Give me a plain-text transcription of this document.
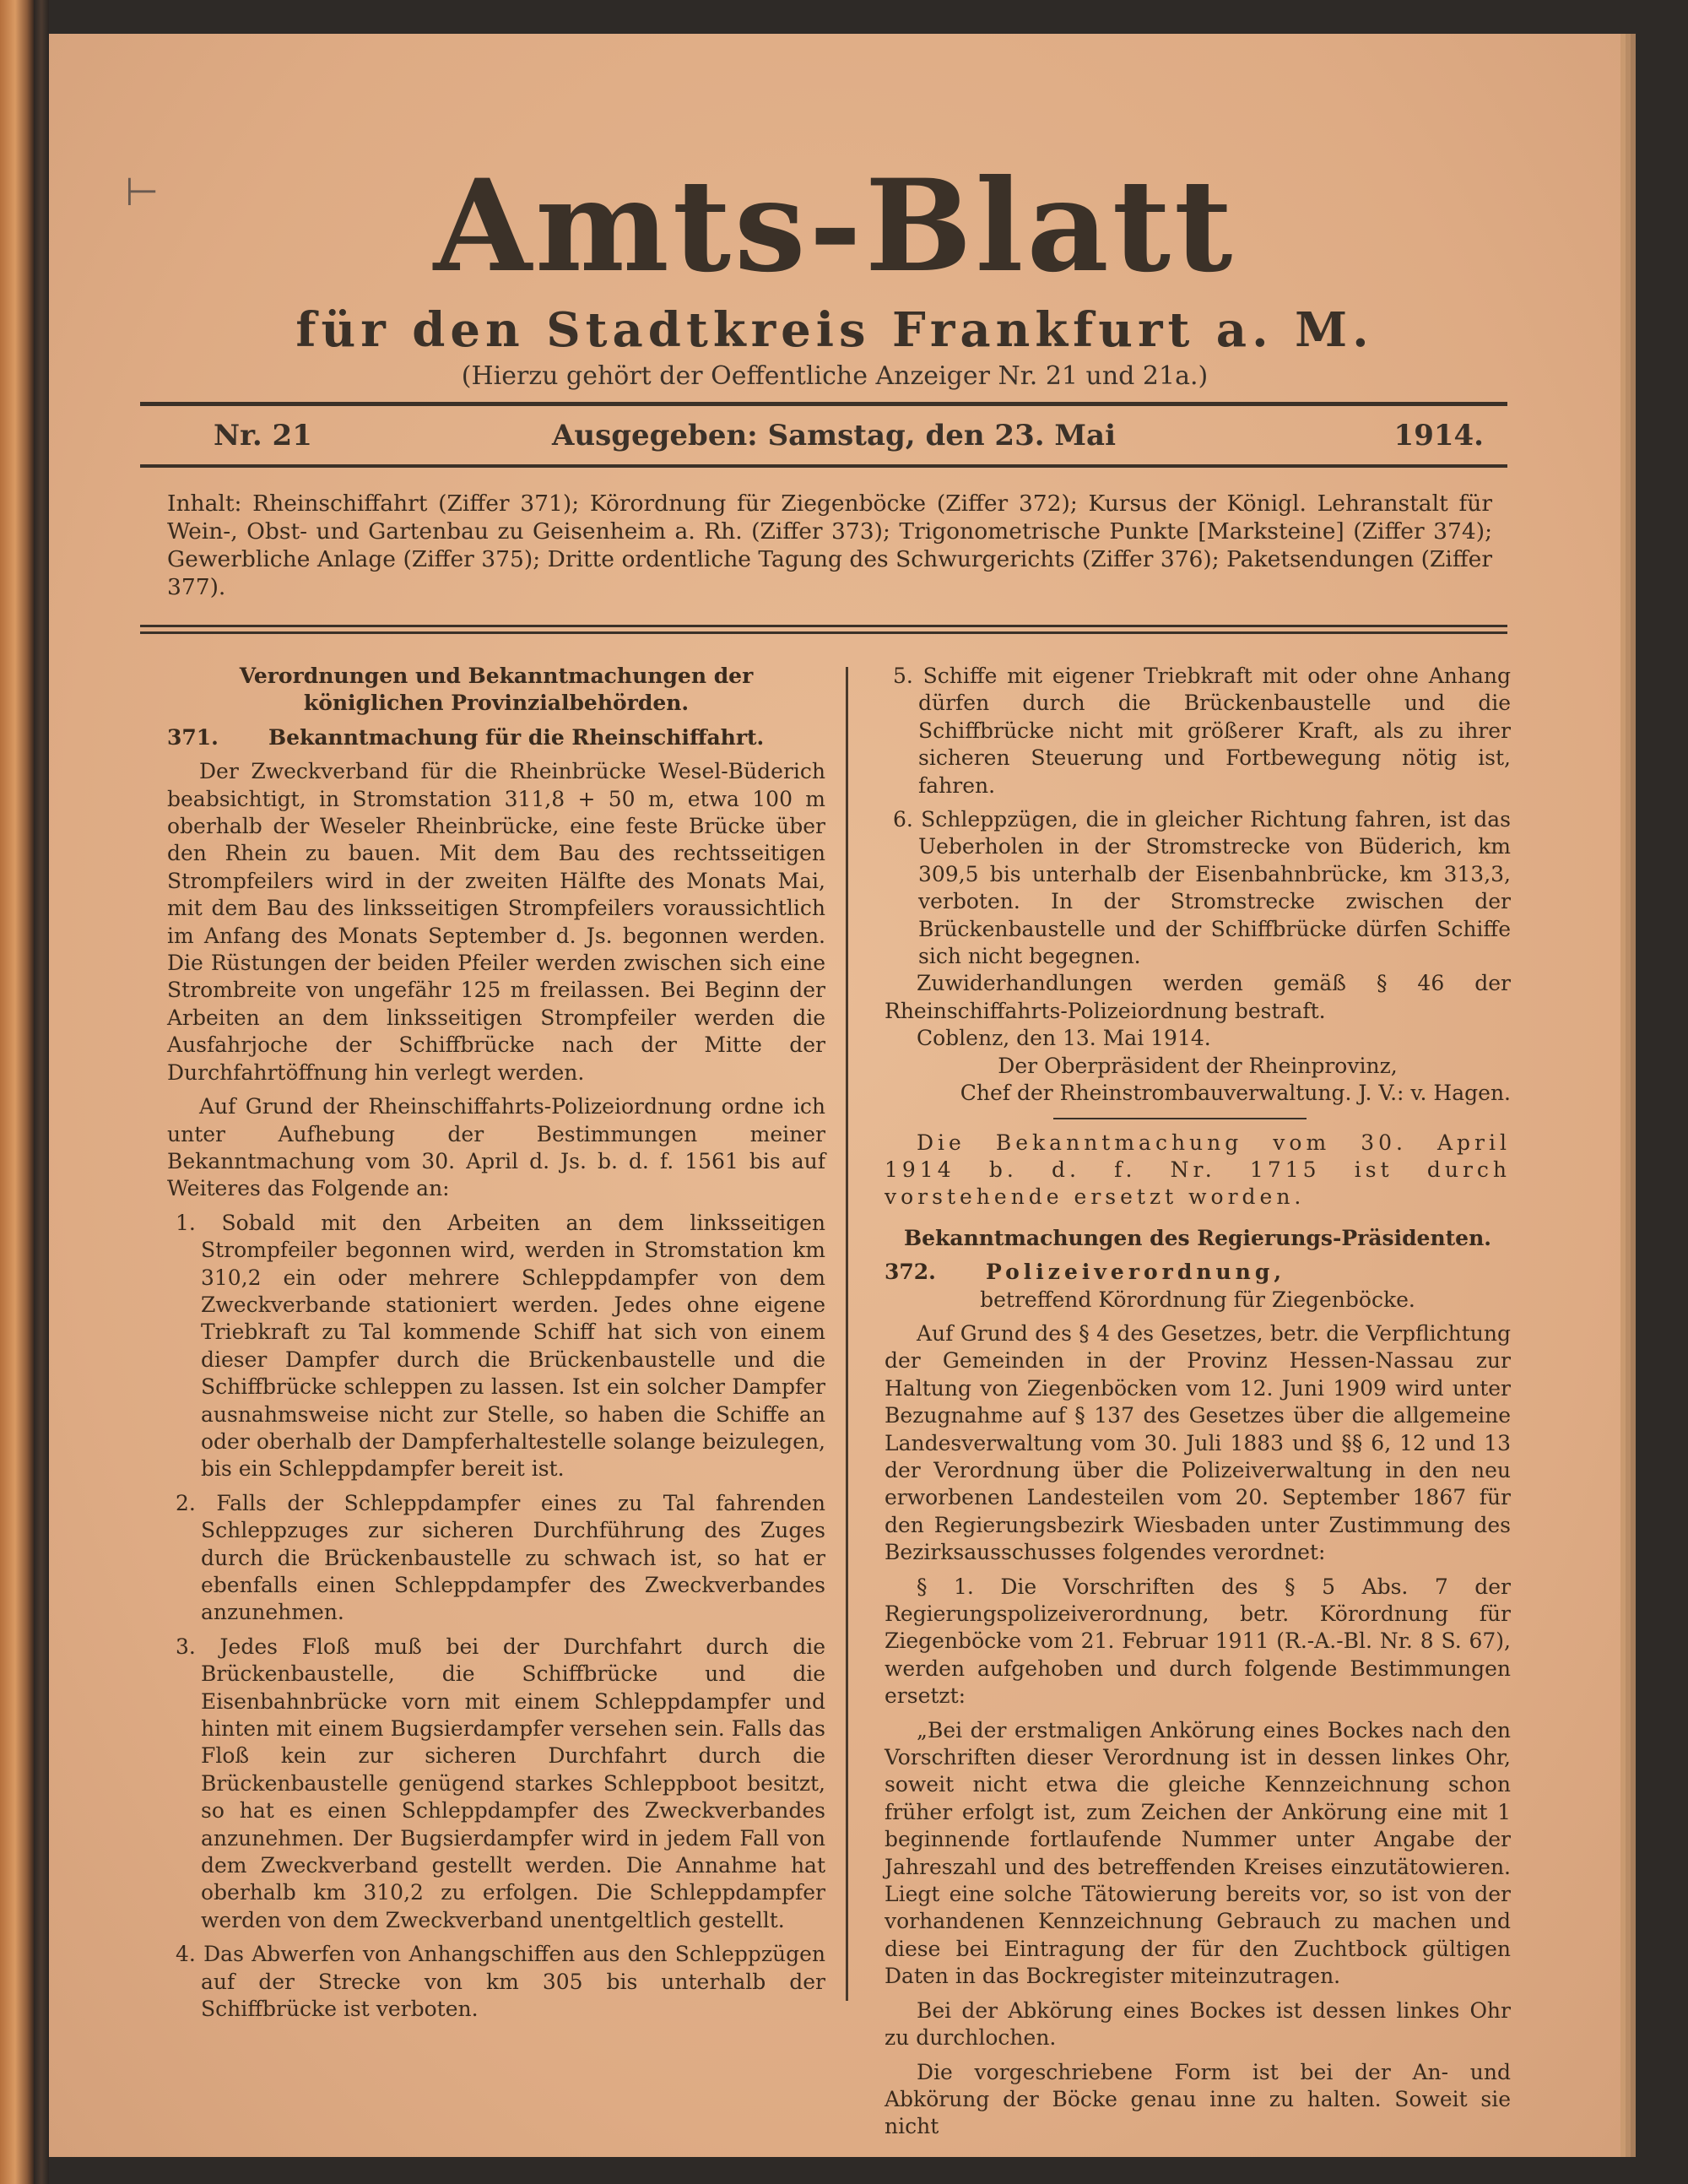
⊢	Amts-Blatt
für den Stadtkreis Frankfurt a. M.
(Hierzu gehört der Oeffentliche Anzeiger Nr. 21 und 21a.)
Ausgegeben: Samstag, den 23. Mai
Nr. 21	1914.

Inhalt: Rheinschiffahrt (Ziffer 371); Körordnung für Ziegenböcke (Ziffer 372); Kursus der Königl. Lehranstalt für Wein-, Obst- und Gartenbau zu Geisenheim a. Rh. (Ziffer 373); Trigonometrische Punkte [Marksteine] (Ziffer 374); Gewerbliche Anlage (Ziffer 375); Dritte ordentliche Tagung des Schwurgerichts (Ziffer 376); Paketsendungen (Ziffer 377).

Verordnungen und Bekanntmachungen der königlichen Provinzialbehörden.

371. Bekanntmachung für die Rheinschiffahrt.

Der Zweckverband für die Rheinbrücke Wesel-Büderich beabsichtigt, in Stromstation 311,8 + 50 m, etwa 100 m oberhalb der Weseler Rheinbrücke, eine feste Brücke über den Rhein zu bauen. Mit dem Bau des rechtsseitigen Strompfeilers wird in der zweiten Hälfte des Monats Mai, mit dem Bau des linksseitigen Strompfeilers voraussichtlich im Anfang des Monats September d. Js. begonnen werden. Die Rüstungen der beiden Pfeiler werden zwischen sich eine Strombreite von ungefähr 125 m freilassen. Bei Beginn der Arbeiten an dem linksseitigen Strompfeiler werden die Ausfahrjoche der Schiffbrücke nach der Mitte der Durchfahrtöffnung hin verlegt werden.

Auf Grund der Rheinschiffahrts-Polizeiordnung ordne ich unter Aufhebung der Bestimmungen meiner Bekanntmachung vom 30. April d. Js. b. d. f. 1561 bis auf Weiteres das Folgende an:

1. Sobald mit den Arbeiten an dem linksseitigen Strompfeiler begonnen wird, werden in Stromstation km 310,2 ein oder mehrere Schleppdampfer von dem Zweckverbande stationiert werden. Jedes ohne eigene Triebkraft zu Tal kommende Schiff hat sich von einem dieser Dampfer durch die Brückenbaustelle und die Schiffbrücke schleppen zu lassen. Ist ein solcher Dampfer ausnahmsweise nicht zur Stelle, so haben die Schiffe an oder oberhalb der Dampferhaltestelle solange beizulegen, bis ein Schleppdampfer bereit ist.

2. Falls der Schleppdampfer eines zu Tal fahrenden Schleppzuges zur sicheren Durchführung des Zuges durch die Brückenbaustelle zu schwach ist, so hat er ebenfalls einen Schleppdampfer des Zweckverbandes anzunehmen.

3. Jedes Floß muß bei der Durchfahrt durch die Brückenbaustelle, die Schiffbrücke und die Eisenbahnbrücke vorn mit einem Schleppdampfer und hinten mit einem Bugsierdampfer versehen sein. Falls das Floß kein zur sicheren Durchfahrt durch die Brückenbaustelle genügend starkes Schleppboot besitzt, so hat es einen Schleppdampfer des Zweckverbandes anzunehmen. Der Bugsierdampfer wird in jedem Fall von dem Zweckverband gestellt werden. Die Annahme hat oberhalb km 310,2 zu erfolgen. Die Schleppdampfer werden von dem Zweckverband unentgeltlich gestellt.

4. Das Abwerfen von Anhangschiffen aus den Schleppzügen auf der Strecke von km 305 bis unterhalb der Schiffbrücke ist verboten.

5. Schiffe mit eigener Triebkraft mit oder ohne Anhang dürfen durch die Brückenbaustelle und die Schiffbrücke nicht mit größerer Kraft, als zu ihrer sicheren Steuerung und Fortbewegung nötig ist, fahren.

6. Schleppzügen, die in gleicher Richtung fahren, ist das Ueberholen in der Stromstrecke von Büderich, km 309,5 bis unterhalb der Eisenbahnbrücke, km 313,3, verboten. In der Stromstrecke zwischen der Brückenbaustelle und der Schiffbrücke dürfen Schiffe sich nicht begegnen.

Zuwiderhandlungen werden gemäß § 46 der Rheinschiffahrts-Polizeiordnung bestraft.

Coblenz, den 13. Mai 1914.

Der Oberpräsident der Rheinprovinz,

Chef der Rheinstrombauverwaltung. J. V.: v. Hagen.

Die Bekanntmachung vom 30. April 1914 b. d. f. Nr. 1715 ist durch vorstehende ersetzt worden.

Bekanntmachungen des Regierungs-Präsidenten.

372. Polizeiverordnung,

betreffend Körordnung für Ziegenböcke.

Auf Grund des § 4 des Gesetzes, betr. die Verpflichtung der Gemeinden in der Provinz Hessen-Nassau zur Haltung von Ziegenböcken vom 12. Juni 1909 wird unter Bezugnahme auf § 137 des Gesetzes über die allgemeine Landesverwaltung vom 30. Juli 1883 und §§ 6, 12 und 13 der Verordnung über die Polizeiverwaltung in den neu erworbenen Landesteilen vom 20. September 1867 für den Regierungsbezirk Wiesbaden unter Zustimmung des Bezirksausschusses folgendes verordnet:

§ 1. Die Vorschriften des § 5 Abs. 7 der Regierungspolizeiverordnung, betr. Körordnung für Ziegenböcke vom 21. Februar 1911 (R.-A.-Bl. Nr. 8 S. 67), werden aufgehoben und durch folgende Bestimmungen ersetzt:

„Bei der erstmaligen Ankörung eines Bockes nach den Vorschriften dieser Verordnung ist in dessen linkes Ohr, soweit nicht etwa die gleiche Kennzeichnung schon früher erfolgt ist, zum Zeichen der Ankörung eine mit 1 beginnende fortlaufende Nummer unter Angabe der Jahreszahl und des betreffenden Kreises einzutätowieren. Liegt eine solche Tätowierung bereits vor, so ist von der vorhandenen Kennzeichnung Gebrauch zu machen und diese bei Eintragung der für den Zuchtbock gültigen Daten in das Bockregister miteinzutragen.

Bei der Abkörung eines Bockes ist dessen linkes Ohr zu durchlochen.

Die vorgeschriebene Form ist bei der An- und Abkörung der Böcke genau inne zu halten. Soweit sie nicht
